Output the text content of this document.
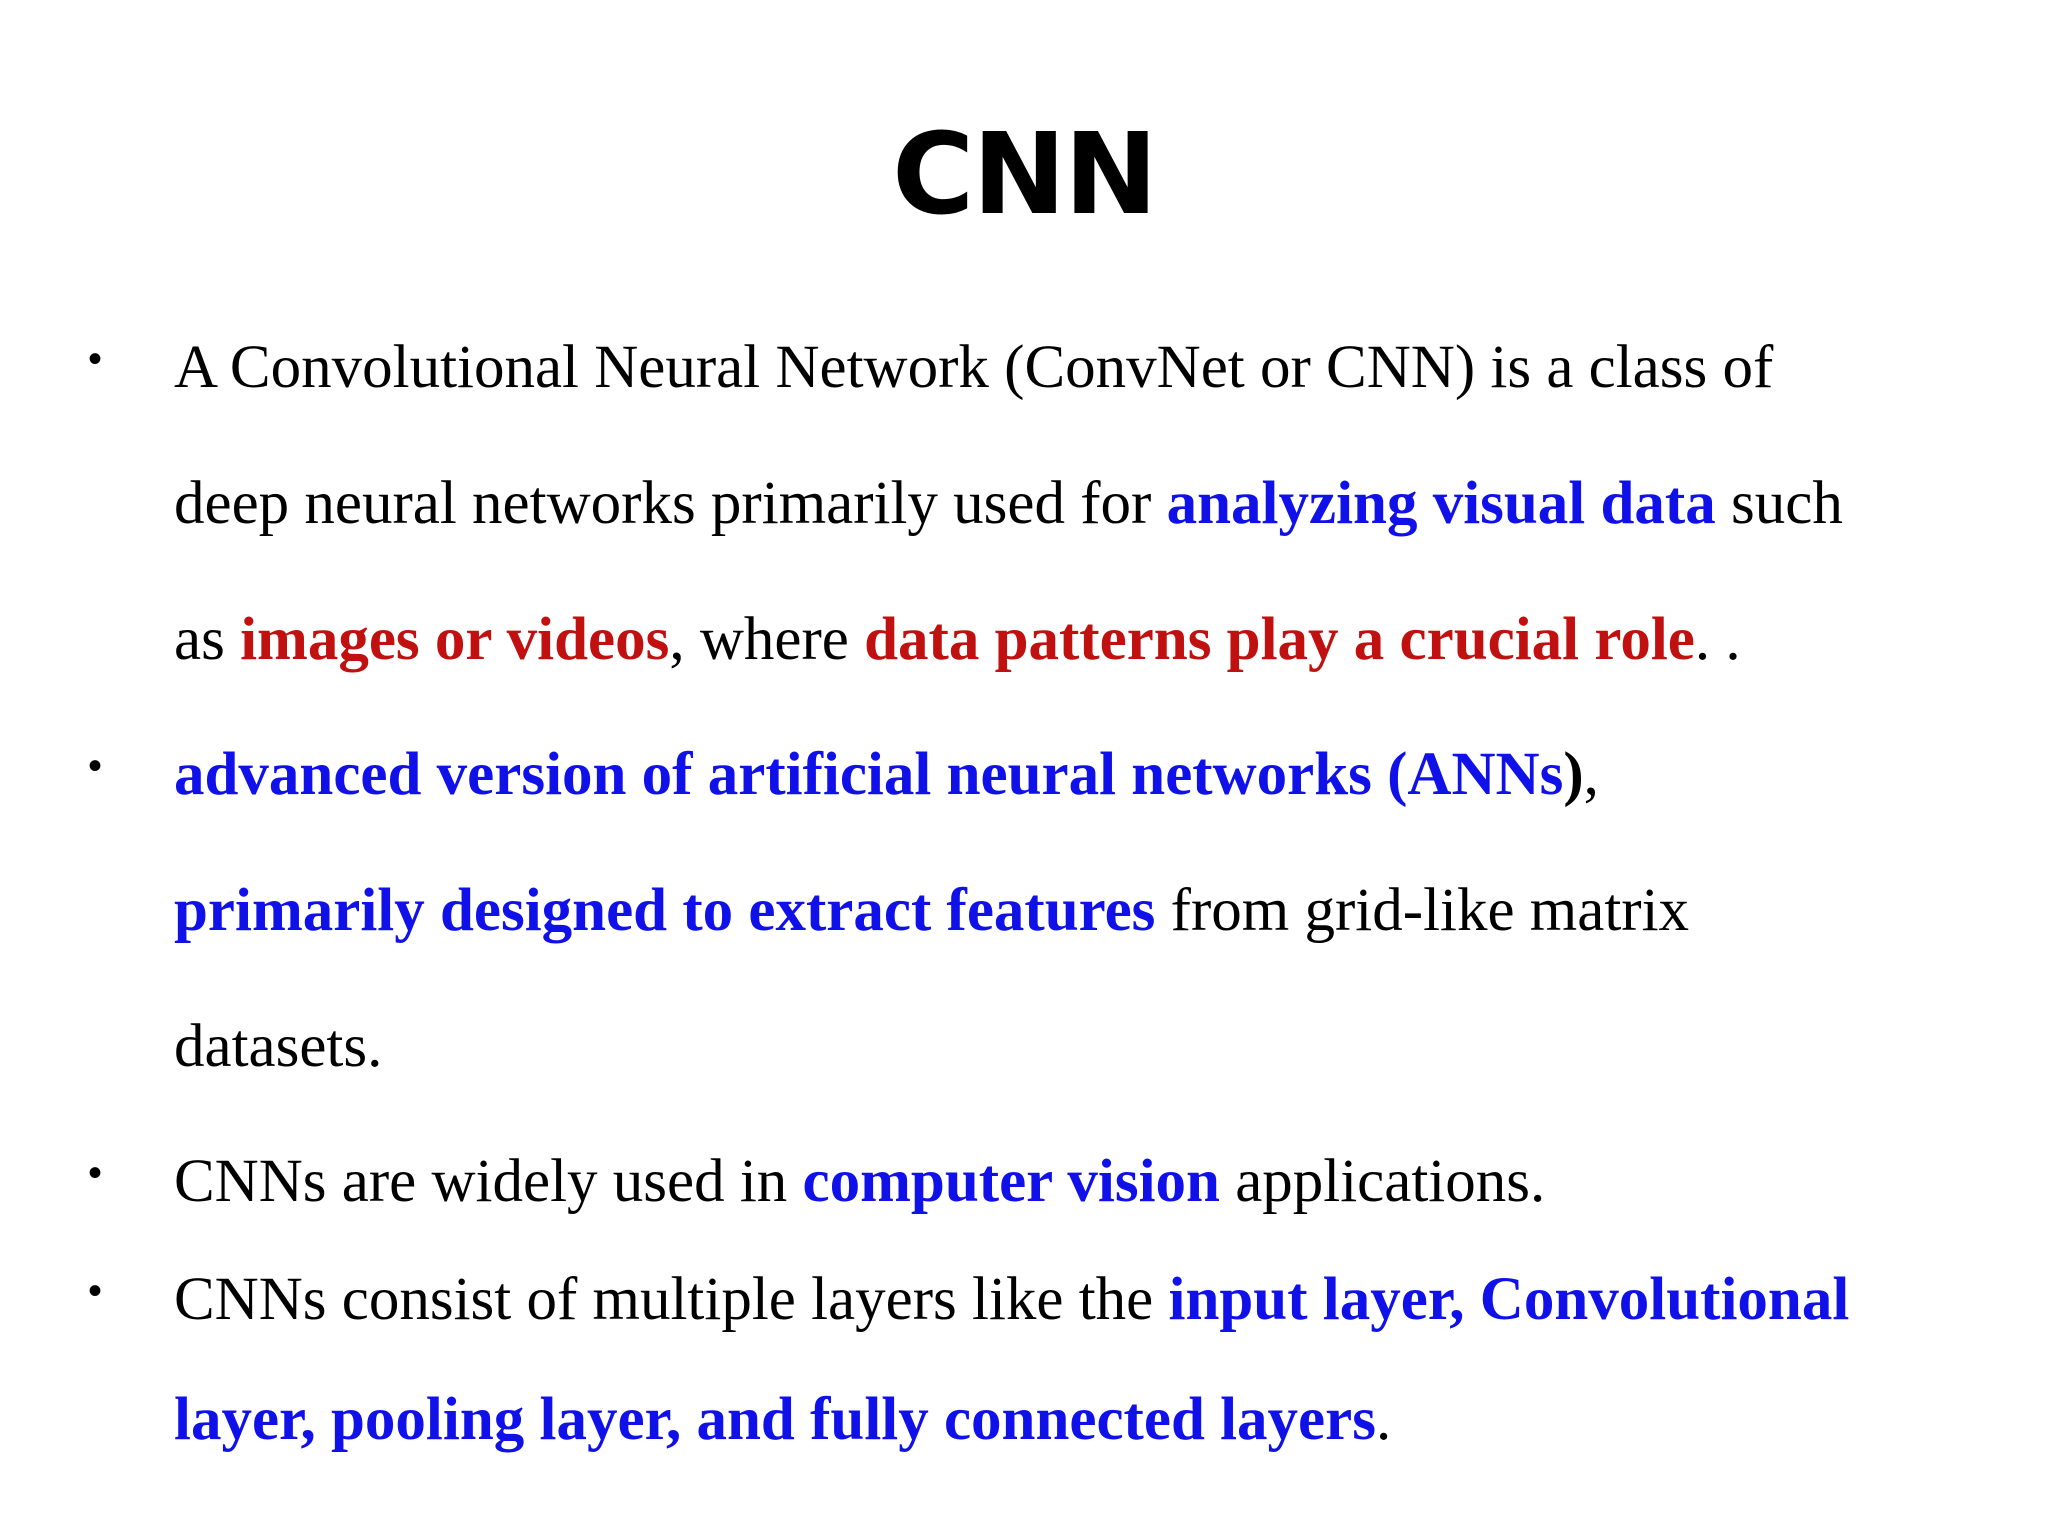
CNN
• A Convolutional Neural Network (ConvNet or CNN) is a class of
deep neural networks primarily used for analyzing visual data such
as images or videos, where data patterns play a crucial role. .
• advanced version of artificial neural networks (ANNs),
primarily designed to extract features from grid-like matrix
datasets.
• CNNs are widely used in computer vision applications.
• CNNs consist of multiple layers like the input layer, Convolutional
layer, pooling layer, and fully connected layers.
